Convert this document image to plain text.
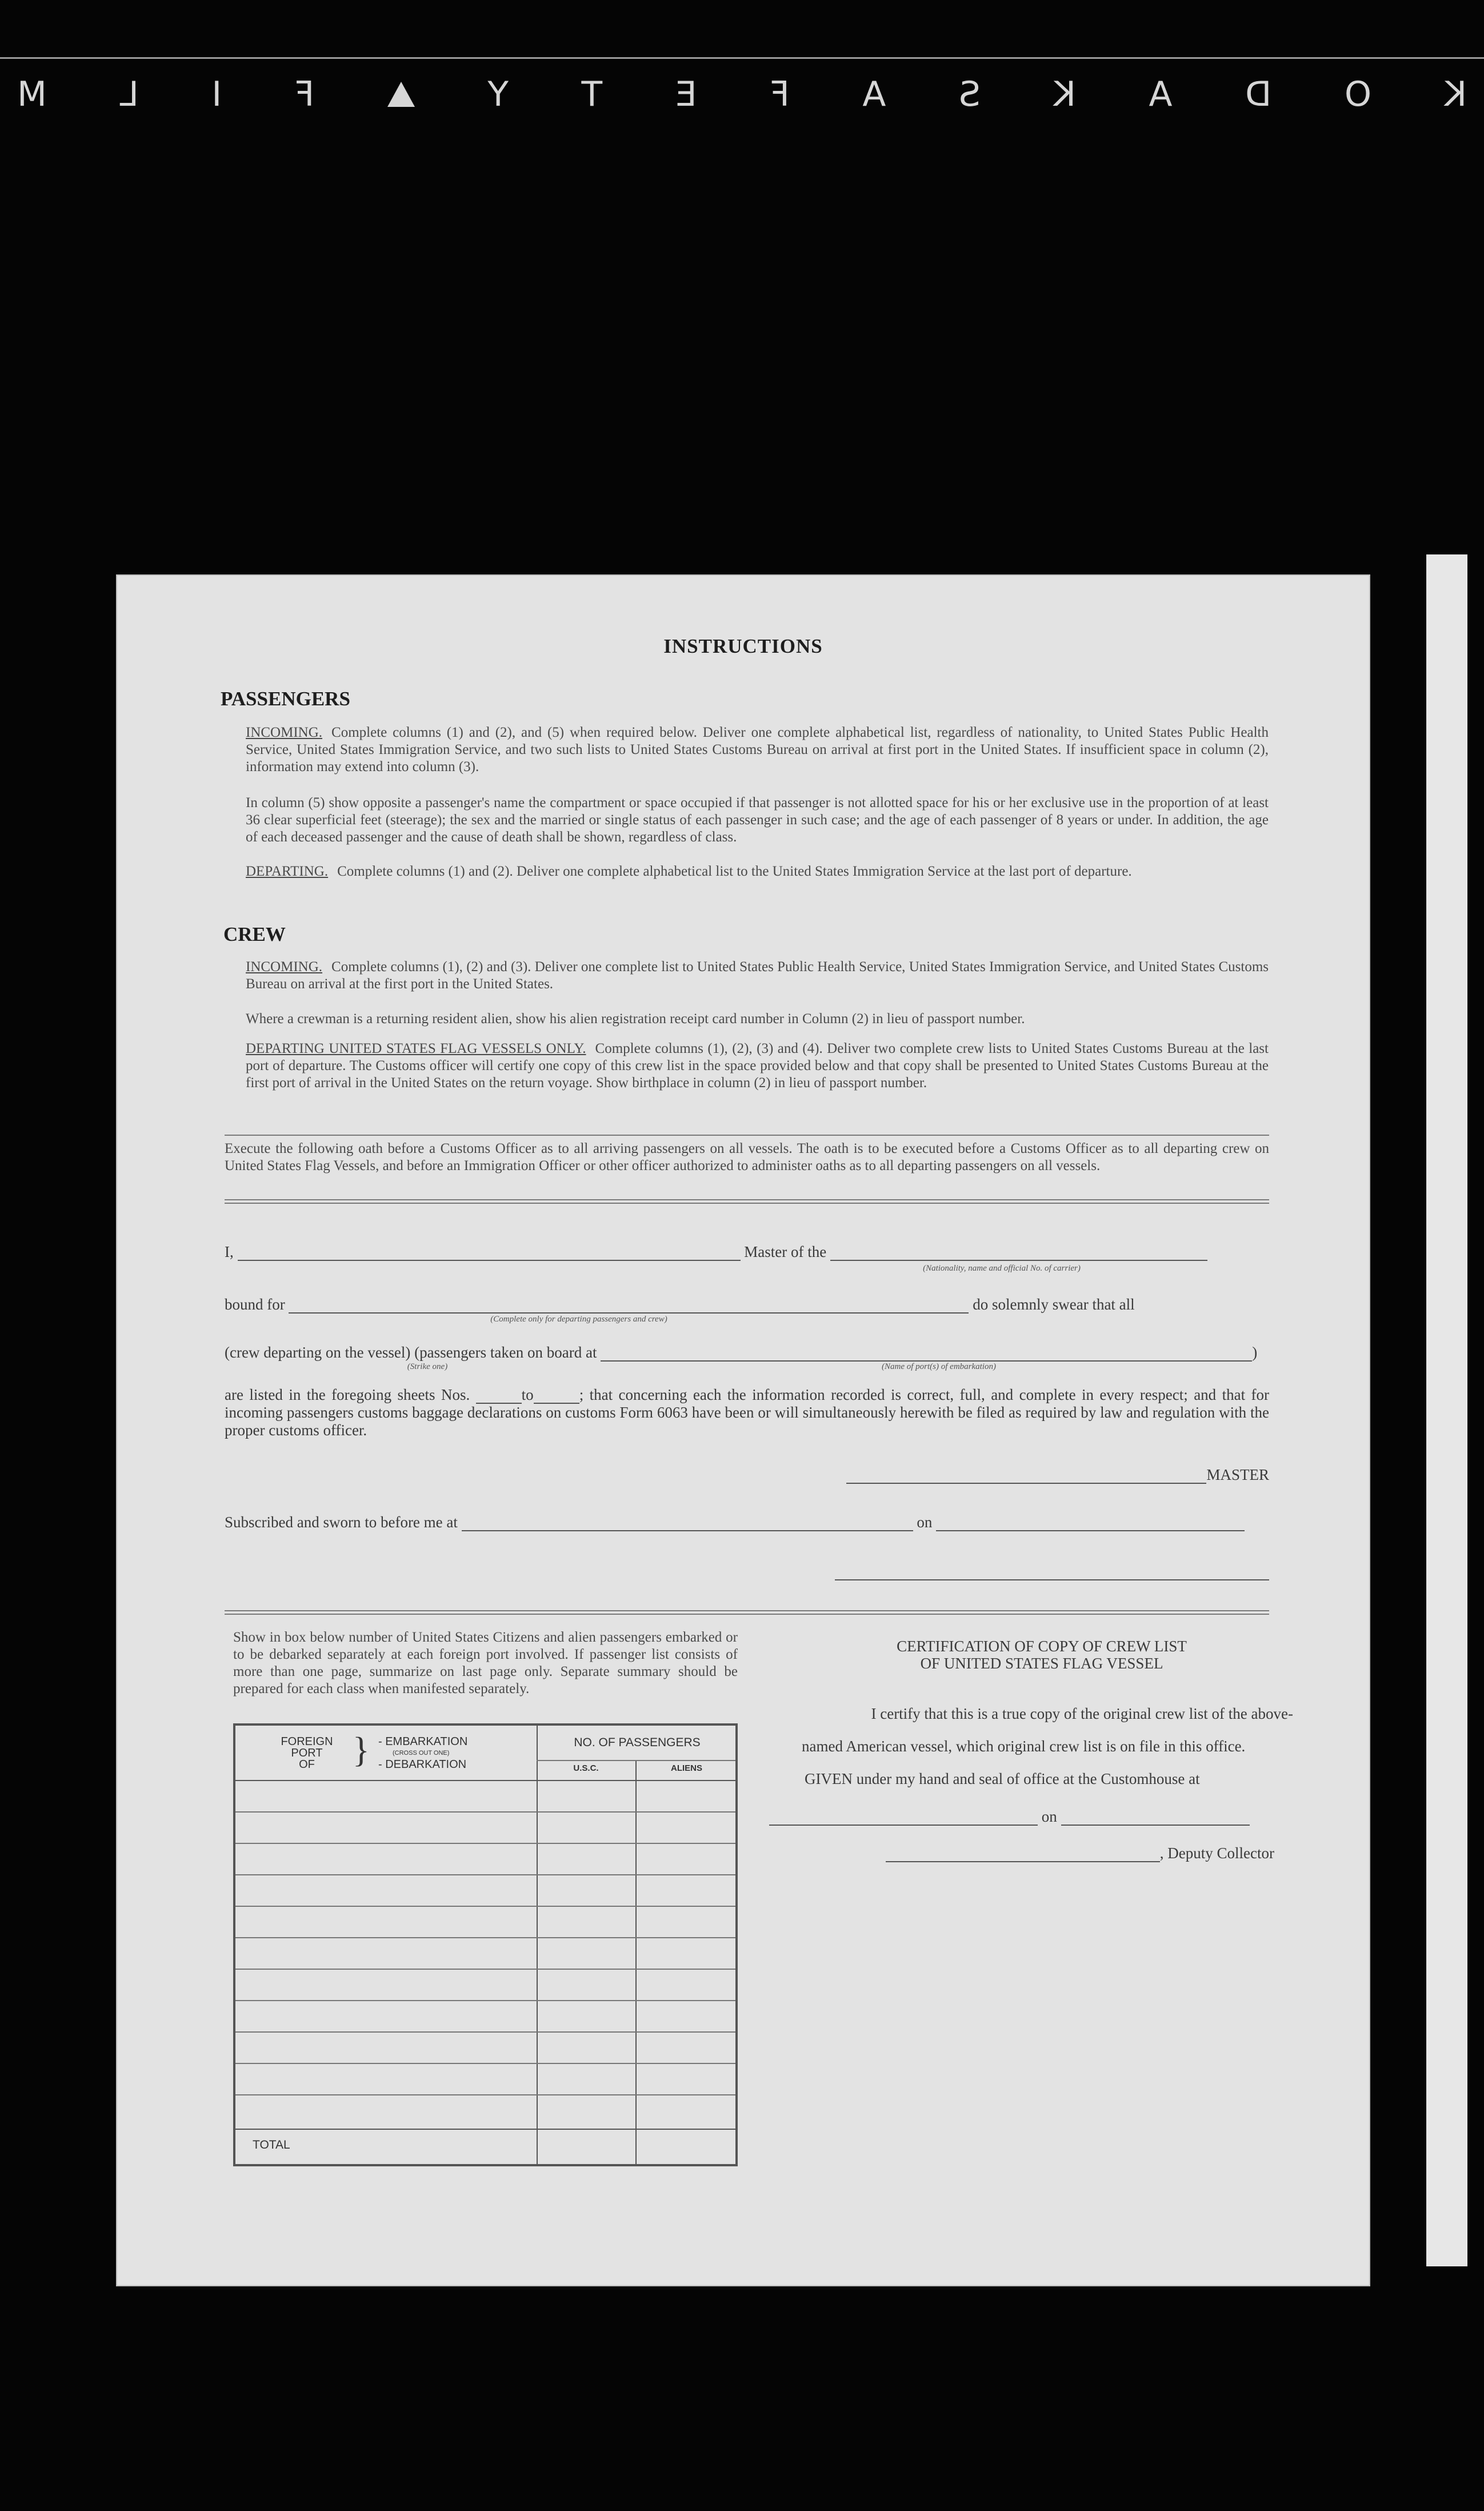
K
O
D
A
K
S
A
F
E
T
Y
F
I
L
M
INSTRUCTIONS
PASSENGERS
INCOMING. Complete columns (1) and (2), and (5) when required below. Deliver one complete alphabetical list, regardless of nationality, to United States Public Health Service, United States Immigration Service, and two such lists to United States Customs Bureau on arrival at first port in the United States. If insufficient space in column (2), information may extend into column (3).
In column (5) show opposite a passenger's name the compartment or space occupied if that passenger is not allotted space for his or her exclusive use in the proportion of at least 36 clear superficial feet (steerage); the sex and the married or single status of each passenger in such case; and the age of each passenger of 8 years or under. In addition, the age of each deceased passenger and the cause of death shall be shown, regardless of class.
DEPARTING. Complete columns (1) and (2). Deliver one complete alphabetical list to the United States Immigration Service at the last port of departure.
CREW
INCOMING. Complete columns (1), (2) and (3). Deliver one complete list to United States Public Health Service, United States Immigration Service, and United States Customs Bureau on arrival at the first port in the United States.
Where a crewman is a returning resident alien, show his alien registration receipt card number in Column (2) in lieu of passport number.
DEPARTING UNITED STATES FLAG VESSELS ONLY. Complete columns (1), (2), (3) and (4). Deliver two complete crew lists to United States Customs Bureau at the last port of departure. The Customs officer will certify one copy of this crew list in the space provided below and that copy shall be presented to United States Customs Bureau at the first port of arrival in the United States on the return voyage. Show birthplace in column (2) in lieu of passport number.
Execute the following oath before a Customs Officer as to all arriving passengers on all vessels. The oath is to be executed before a Customs Officer as to all departing crew on United States Flag Vessels, and before an Immigration Officer or other officer authorized to administer oaths as to all departing passengers on all vessels.
I,	Master of the
(Nationality, name and official No. of carrier)
bound for	do solemnly swear that all
(Complete only for departing passengers and crew)
(crew departing on the vessel) (passengers taken on board at	)
(Strike one)	(Name of port(s) of embarkation)
are listed in the foregoing sheets Nos.	to	; that concerning each the information recorded is correct, full, and complete in every respect; and that for incoming passengers customs baggage declarations on customs Form 6063 have been or will simultaneously herewith be filed as required by law and regulation with the proper customs officer.
MASTER
Subscribed and sworn to before me at	on
Show in box below number of United States Citizens and alien passengers embarked or to be debarked separately at each foreign port involved. If passenger list consists of more than one page, summarize on last page only. Separate summary should be prepared for each class when manifested separately.
FOREIGN
PORT
OF	} - EMBARKATION
(CROSS OUT ONE)
- DEBARKATION
NO. OF PASSENGERS
U.S.C.	ALIENS
TOTAL
CERTIFICATION OF COPY OF CREW LIST
OF UNITED STATES FLAG VESSEL
I certify that this is a true copy of the original crew list of the above-
named American vessel, which original crew list is on file in this office.
GIVEN under my hand and seal of office at the Customhouse at
on
, Deputy Collector
